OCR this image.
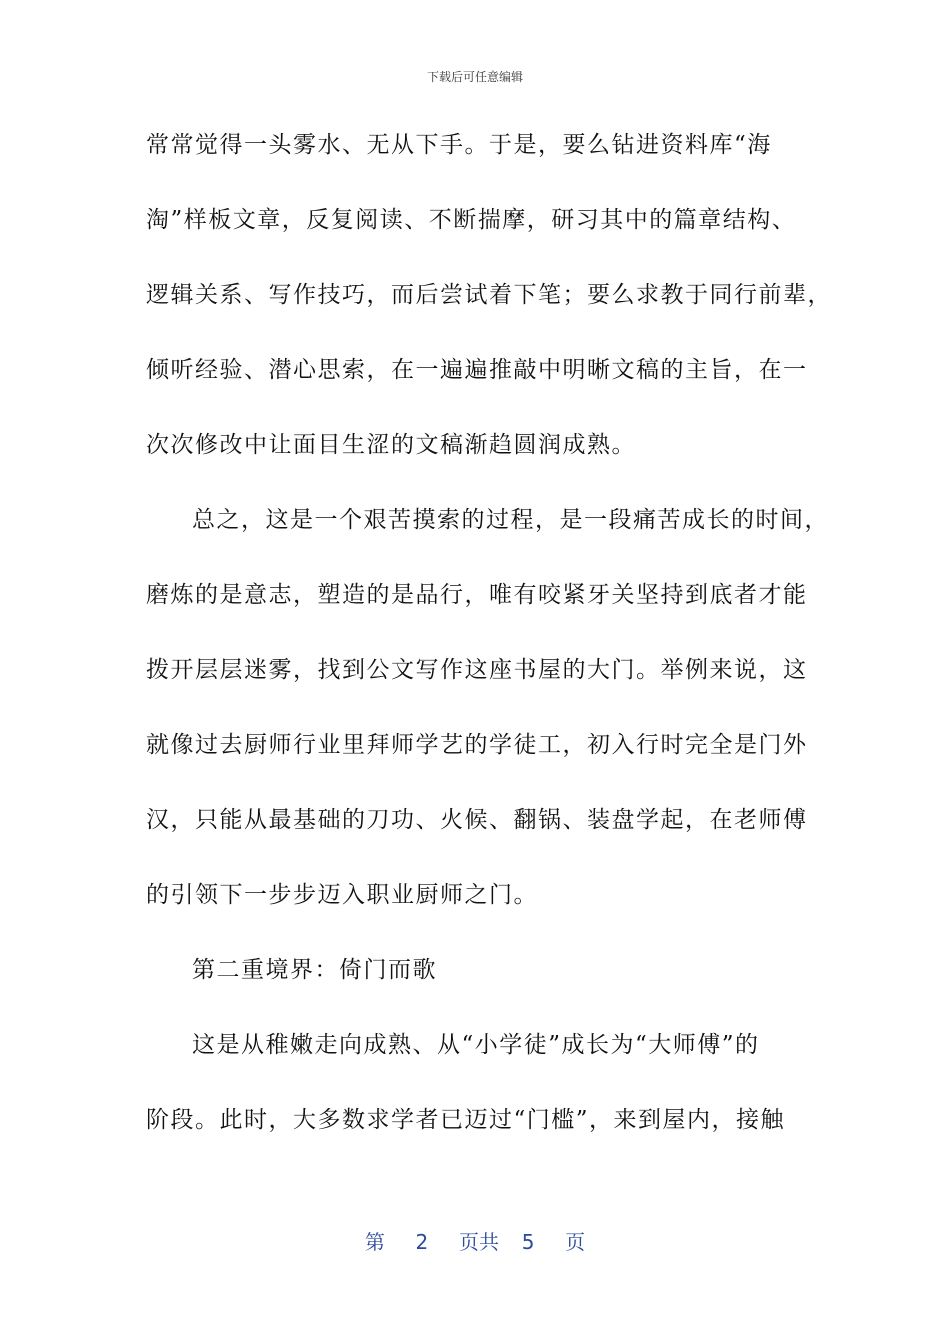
下载后可任意编辑
常常觉得一头雾水、无从下手。于是，要么钻进资料库“海
淘”样板文章，反复阅读、不断揣摩，研习其中的篇章结构、
逻辑关系、写作技巧，而后尝试着下笔；要么求教于同行前辈，
倾听经验、潜心思索，在一遍遍推敲中明晰文稿的主旨，在一
次次修改中让面目生涩的文稿渐趋圆润成熟。
总之，这是一个艰苦摸索的过程，是一段痛苦成长的时间，
磨炼的是意志，塑造的是品行，唯有咬紧牙关坚持到底者才能
拨开层层迷雾，找到公文写作这座书屋的大门。举例来说，这
就像过去厨师行业里拜师学艺的学徒工，初入行时完全是门外
汉，只能从最基础的刀功、火候、翻锅、装盘学起，在老师傅
的引领下一步步迈入职业厨师之门。
第二重境界：倚门而歌
这是从稚嫩走向成熟、从“小学徒”成长为“大师傅”的
阶段。此时，大多数求学者已迈过“门槛”，来到屋内，接触
第 2 页共 5 页
